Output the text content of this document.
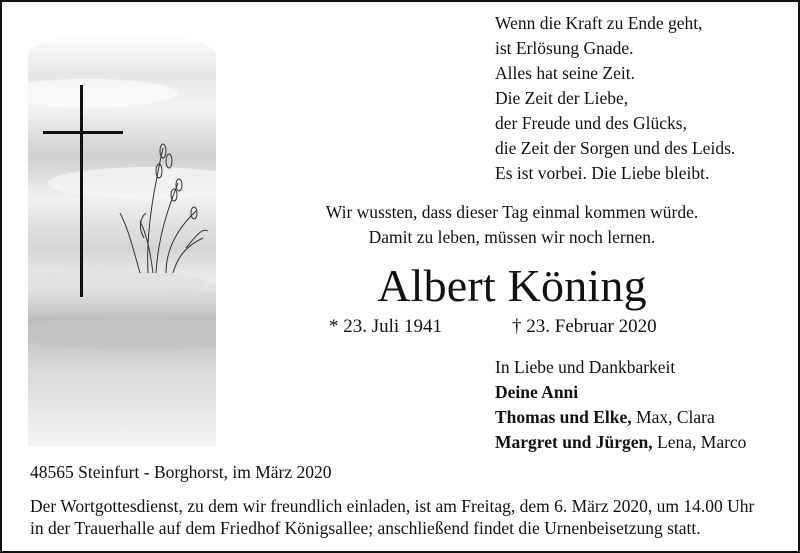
Wenn die Kraft zu Ende geht,
ist Erlösung Gnade.
Alles hat seine Zeit.
Die Zeit der Liebe,
der Freude und des Glücks,
die Zeit der Sorgen und des Leids.
Es ist vorbei. Die Liebe bleibt.
Wir wussten, dass dieser Tag einmal kommen würde.
Damit zu leben, müssen wir noch lernen.
Albert Köning
* 23. Juli 1941	† 23. Februar 2020
In Liebe und Dankbarkeit
Deine Anni
Thomas und Elke, Max, Clara
Margret und Jürgen, Lena, Marco
48565 Steinfurt - Borghorst, im März 2020
Der Wortgottesdienst, zu dem wir freundlich einladen, ist am Freitag, dem 6. März 2020, um 14.00 Uhr
in der Trauerhalle auf dem Friedhof Königsallee; anschließend findet die Urnenbeisetzung statt.
